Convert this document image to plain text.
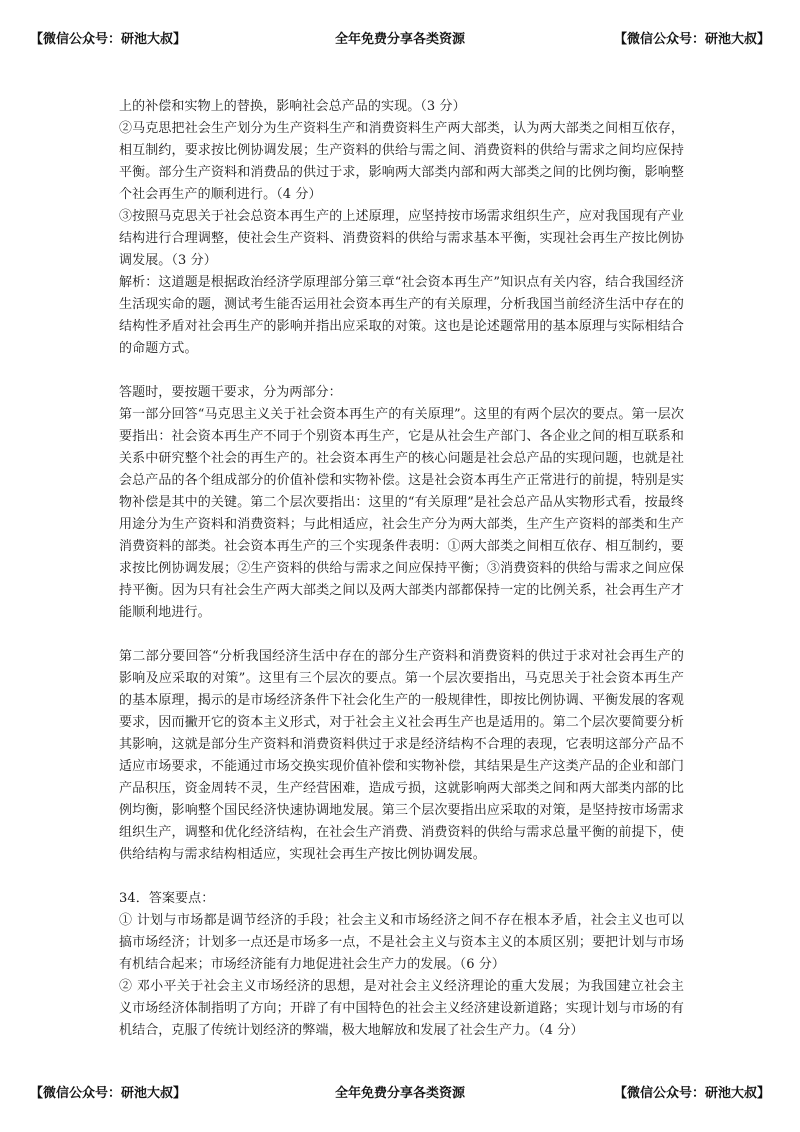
【微信公众号：研池大叔】	全年免费分享各类资源	【微信公众号：研池大叔】

上的补偿和实物上的替换，影响社会总产品的实现。（3 分）

②马克思把社会生产划分为生产资料生产和消费资料生产两大部类，认为两大部类之间相互依存，相互制约，要求按比例协调发展；生产资料的供给与需之间、消费资料的供给与需求之间均应保持平衡。部分生产资料和消费品的供过于求，影响两大部类内部和两大部类之间的比例均衡，影响整个社会再生产的顺利进行。（4 分）

③按照马克思关于社会总资本再生产的上述原理，应坚持按市场需求组织生产，应对我国现有产业结构进行合理调整，使社会生产资料、消费资料的供给与需求基本平衡，实现社会再生产按比例协调发展。（3 分）

解析：这道题是根据政治经济学原理部分第三章“社会资本再生产”知识点有关内容，结合我国经济生活现实命的题，测试考生能否运用社会资本再生产的有关原理，分析我国当前经济生活中存在的结构性矛盾对社会再生产的影响并指出应采取的对策。这也是论述题常用的基本原理与实际相结合的命题方式。

答题时，要按题干要求，分为两部分：

第一部分回答“马克思主义关于社会资本再生产的有关原理”。这里的有两个层次的要点。第一层次要指出：社会资本再生产不同于个别资本再生产，它是从社会生产部门、各企业之间的相互联系和关系中研究整个社会的再生产的。社会资本再生产的核心问题是社会总产品的实现问题，也就是社会总产品的各个组成部分的价值补偿和实物补偿。这是社会资本再生产正常进行的前提，特别是实物补偿是其中的关键。第二个层次要指出：这里的“有关原理”是社会总产品从实物形式看，按最终用途分为生产资料和消费资料；与此相适应，社会生产分为两大部类，生产生产资料的部类和生产消费资料的部类。社会资本再生产的三个实现条件表明：①两大部类之间相互依存、相互制约，要求按比例协调发展；②生产资料的供给与需求之间应保持平衡；③消费资料的供给与需求之间应保持平衡。因为只有社会生产两大部类之间以及两大部类内部都保持一定的比例关系，社会再生产才能顺利地进行。

第二部分要回答“分析我国经济生活中存在的部分生产资料和消费资料的供过于求对社会再生产的影响及应采取的对策”。这里有三个层次的要点。第一个层次要指出，马克思关于社会资本再生产的基本原理，揭示的是市场经济条件下社会化生产的一般规律性，即按比例协调、平衡发展的客观要求，因而撇开它的资本主义形式，对于社会主义社会再生产也是适用的。第二个层次要简要分析其影响，这就是部分生产资料和消费资料供过于求是经济结构不合理的表现，它表明这部分产品不适应市场要求，不能通过市场交换实现价值补偿和实物补偿，其结果是生产这类产品的企业和部门产品积压，资金周转不灵，生产经营困难，造成亏损，这就影响两大部类之间和两大部类内部的比例均衡，影响整个国民经济快速协调地发展。第三个层次要指出应采取的对策，是坚持按市场需求组织生产，调整和优化经济结构，在社会生产消费、消费资料的供给与需求总量平衡的前提下，使供给结构与需求结构相适应，实现社会再生产按比例协调发展。

34．答案要点：

① 计划与市场都是调节经济的手段；社会主义和市场经济之间不存在根本矛盾，社会主义也可以搞市场经济；计划多一点还是市场多一点，不是社会主义与资本主义的本质区别；要把计划与市场有机结合起来；市场经济能有力地促进社会生产力的发展。（6 分）

② 邓小平关于社会主义市场经济的思想，是对社会主义经济理论的重大发展；为我国建立社会主义市场经济体制指明了方向；开辟了有中国特色的社会主义经济建设新道路；实现计划与市场的有机结合，克服了传统计划经济的弊端，极大地解放和发展了社会生产力。（4 分）

【微信公众号：研池大叔】	全年免费分享各类资源	【微信公众号：研池大叔】
